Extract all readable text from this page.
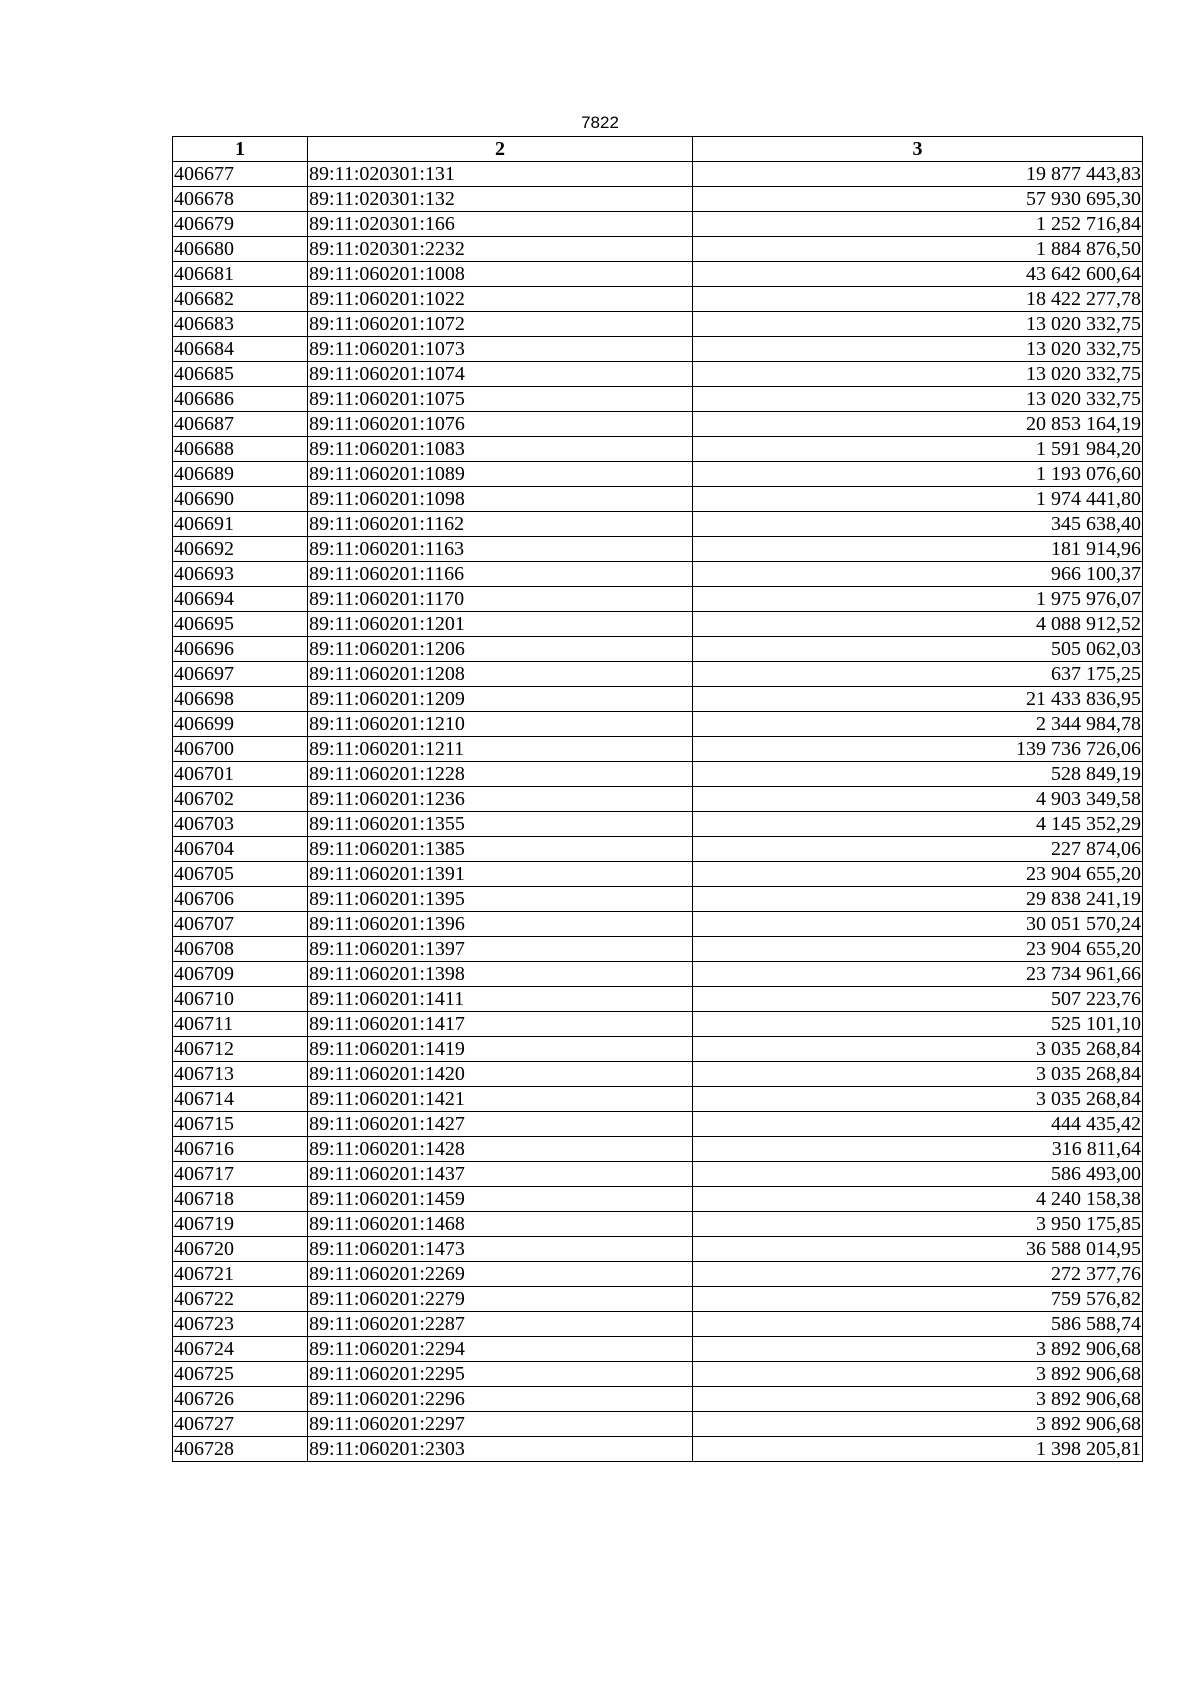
7822
1	2	3
406677	89:11:020301:131	19 877 443,83
406678	89:11:020301:132	57 930 695,30
406679	89:11:020301:166	1 252 716,84
406680	89:11:020301:2232	1 884 876,50
406681	89:11:060201:1008	43 642 600,64
406682	89:11:060201:1022	18 422 277,78
406683	89:11:060201:1072	13 020 332,75
406684	89:11:060201:1073	13 020 332,75
406685	89:11:060201:1074	13 020 332,75
406686	89:11:060201:1075	13 020 332,75
406687	89:11:060201:1076	20 853 164,19
406688	89:11:060201:1083	1 591 984,20
406689	89:11:060201:1089	1 193 076,60
406690	89:11:060201:1098	1 974 441,80
406691	89:11:060201:1162	345 638,40
406692	89:11:060201:1163	181 914,96
406693	89:11:060201:1166	966 100,37
406694	89:11:060201:1170	1 975 976,07
406695	89:11:060201:1201	4 088 912,52
406696	89:11:060201:1206	505 062,03
406697	89:11:060201:1208	637 175,25
406698	89:11:060201:1209	21 433 836,95
406699	89:11:060201:1210	2 344 984,78
406700	89:11:060201:1211	139 736 726,06
406701	89:11:060201:1228	528 849,19
406702	89:11:060201:1236	4 903 349,58
406703	89:11:060201:1355	4 145 352,29
406704	89:11:060201:1385	227 874,06
406705	89:11:060201:1391	23 904 655,20
406706	89:11:060201:1395	29 838 241,19
406707	89:11:060201:1396	30 051 570,24
406708	89:11:060201:1397	23 904 655,20
406709	89:11:060201:1398	23 734 961,66
406710	89:11:060201:1411	507 223,76
406711	89:11:060201:1417	525 101,10
406712	89:11:060201:1419	3 035 268,84
406713	89:11:060201:1420	3 035 268,84
406714	89:11:060201:1421	3 035 268,84
406715	89:11:060201:1427	444 435,42
406716	89:11:060201:1428	316 811,64
406717	89:11:060201:1437	586 493,00
406718	89:11:060201:1459	4 240 158,38
406719	89:11:060201:1468	3 950 175,85
406720	89:11:060201:1473	36 588 014,95
406721	89:11:060201:2269	272 377,76
406722	89:11:060201:2279	759 576,82
406723	89:11:060201:2287	586 588,74
406724	89:11:060201:2294	3 892 906,68
406725	89:11:060201:2295	3 892 906,68
406726	89:11:060201:2296	3 892 906,68
406727	89:11:060201:2297	3 892 906,68
406728	89:11:060201:2303	1 398 205,81
